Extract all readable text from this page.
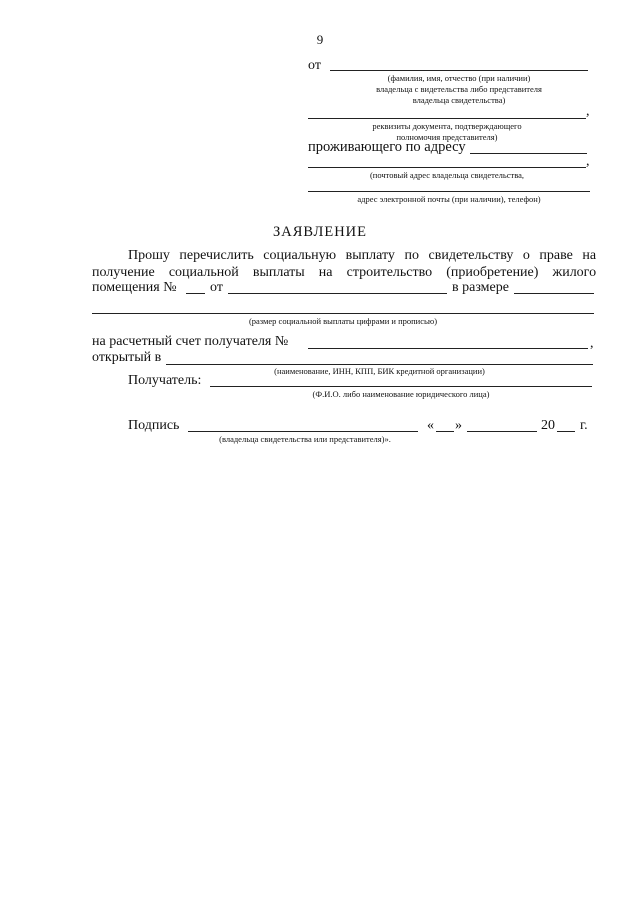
9
от
(фамилия, имя, отчество (при наличии)
владельца с видетельства либо представителя
владельца свидетельства)
,
реквизиты документа, подтверждающего
полномочия представителя)
проживающего по адресу
,
(почтовый адрес владельца свидетельства,
адрес электронной почты (при наличии), телефон)
ЗАЯВЛЕНИЕ
Прошу перечислить социальную выплату по свидетельству о праве на
получение социальной выплаты на строительство (приобретение) жилого
помещения № от	в размере
(размер социальной выплаты цифрами и прописью)
на расчетный счет получателя №	,
открытый в
(наименование, ИНН, КПП, БИК кредитной организации)
Получатель:
(Ф.И.О. либо наименование юридического лица)
Подпись	« »	20 г.
(владельца свидетельства или представителя)».
